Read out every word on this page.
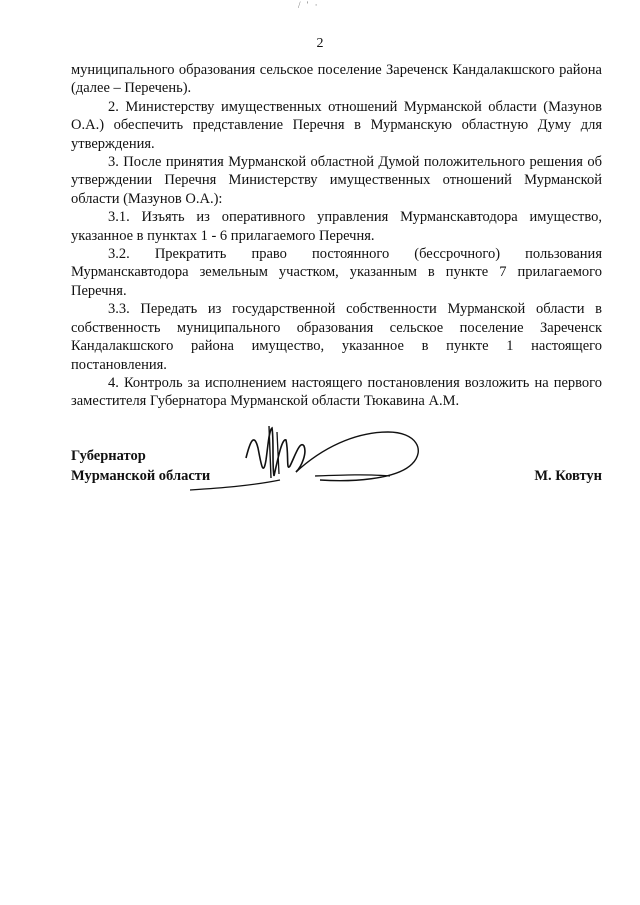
/ ' ·
2

муниципального образования сельское поселение Зареченск Кандалакшского района (далее – Перечень).

2. Министерству имущественных отношений Мурманской области (Мазунов О.А.) обеспечить представление Перечня в Мурманскую областную Думу для утверждения.

3. После принятия Мурманской областной Думой положительного решения об утверждении Перечня Министерству имущественных отношений Мурманской области (Мазунов О.А.):

3.1. Изъять из оперативного управления Мурманскавтодора имущество, указанное в пунктах 1 - 6 прилагаемого Перечня.

3.2. Прекратить право постоянного (бессрочного) пользования Мурманскавтодора земельным участком, указанным в пункте 7 прилагаемого Перечня.

3.3. Передать из государственной собственности Мурманской области в собственность муниципального образования сельское поселение Зареченск Кандалакшского района имущество, указанное в пункте 1 настоящего постановления.

4. Контроль за исполнением настоящего постановления возложить на первого заместителя Губернатора Мурманской области Тюкавина А.М.

Губернатор
Мурманской области	М. Ковтун
